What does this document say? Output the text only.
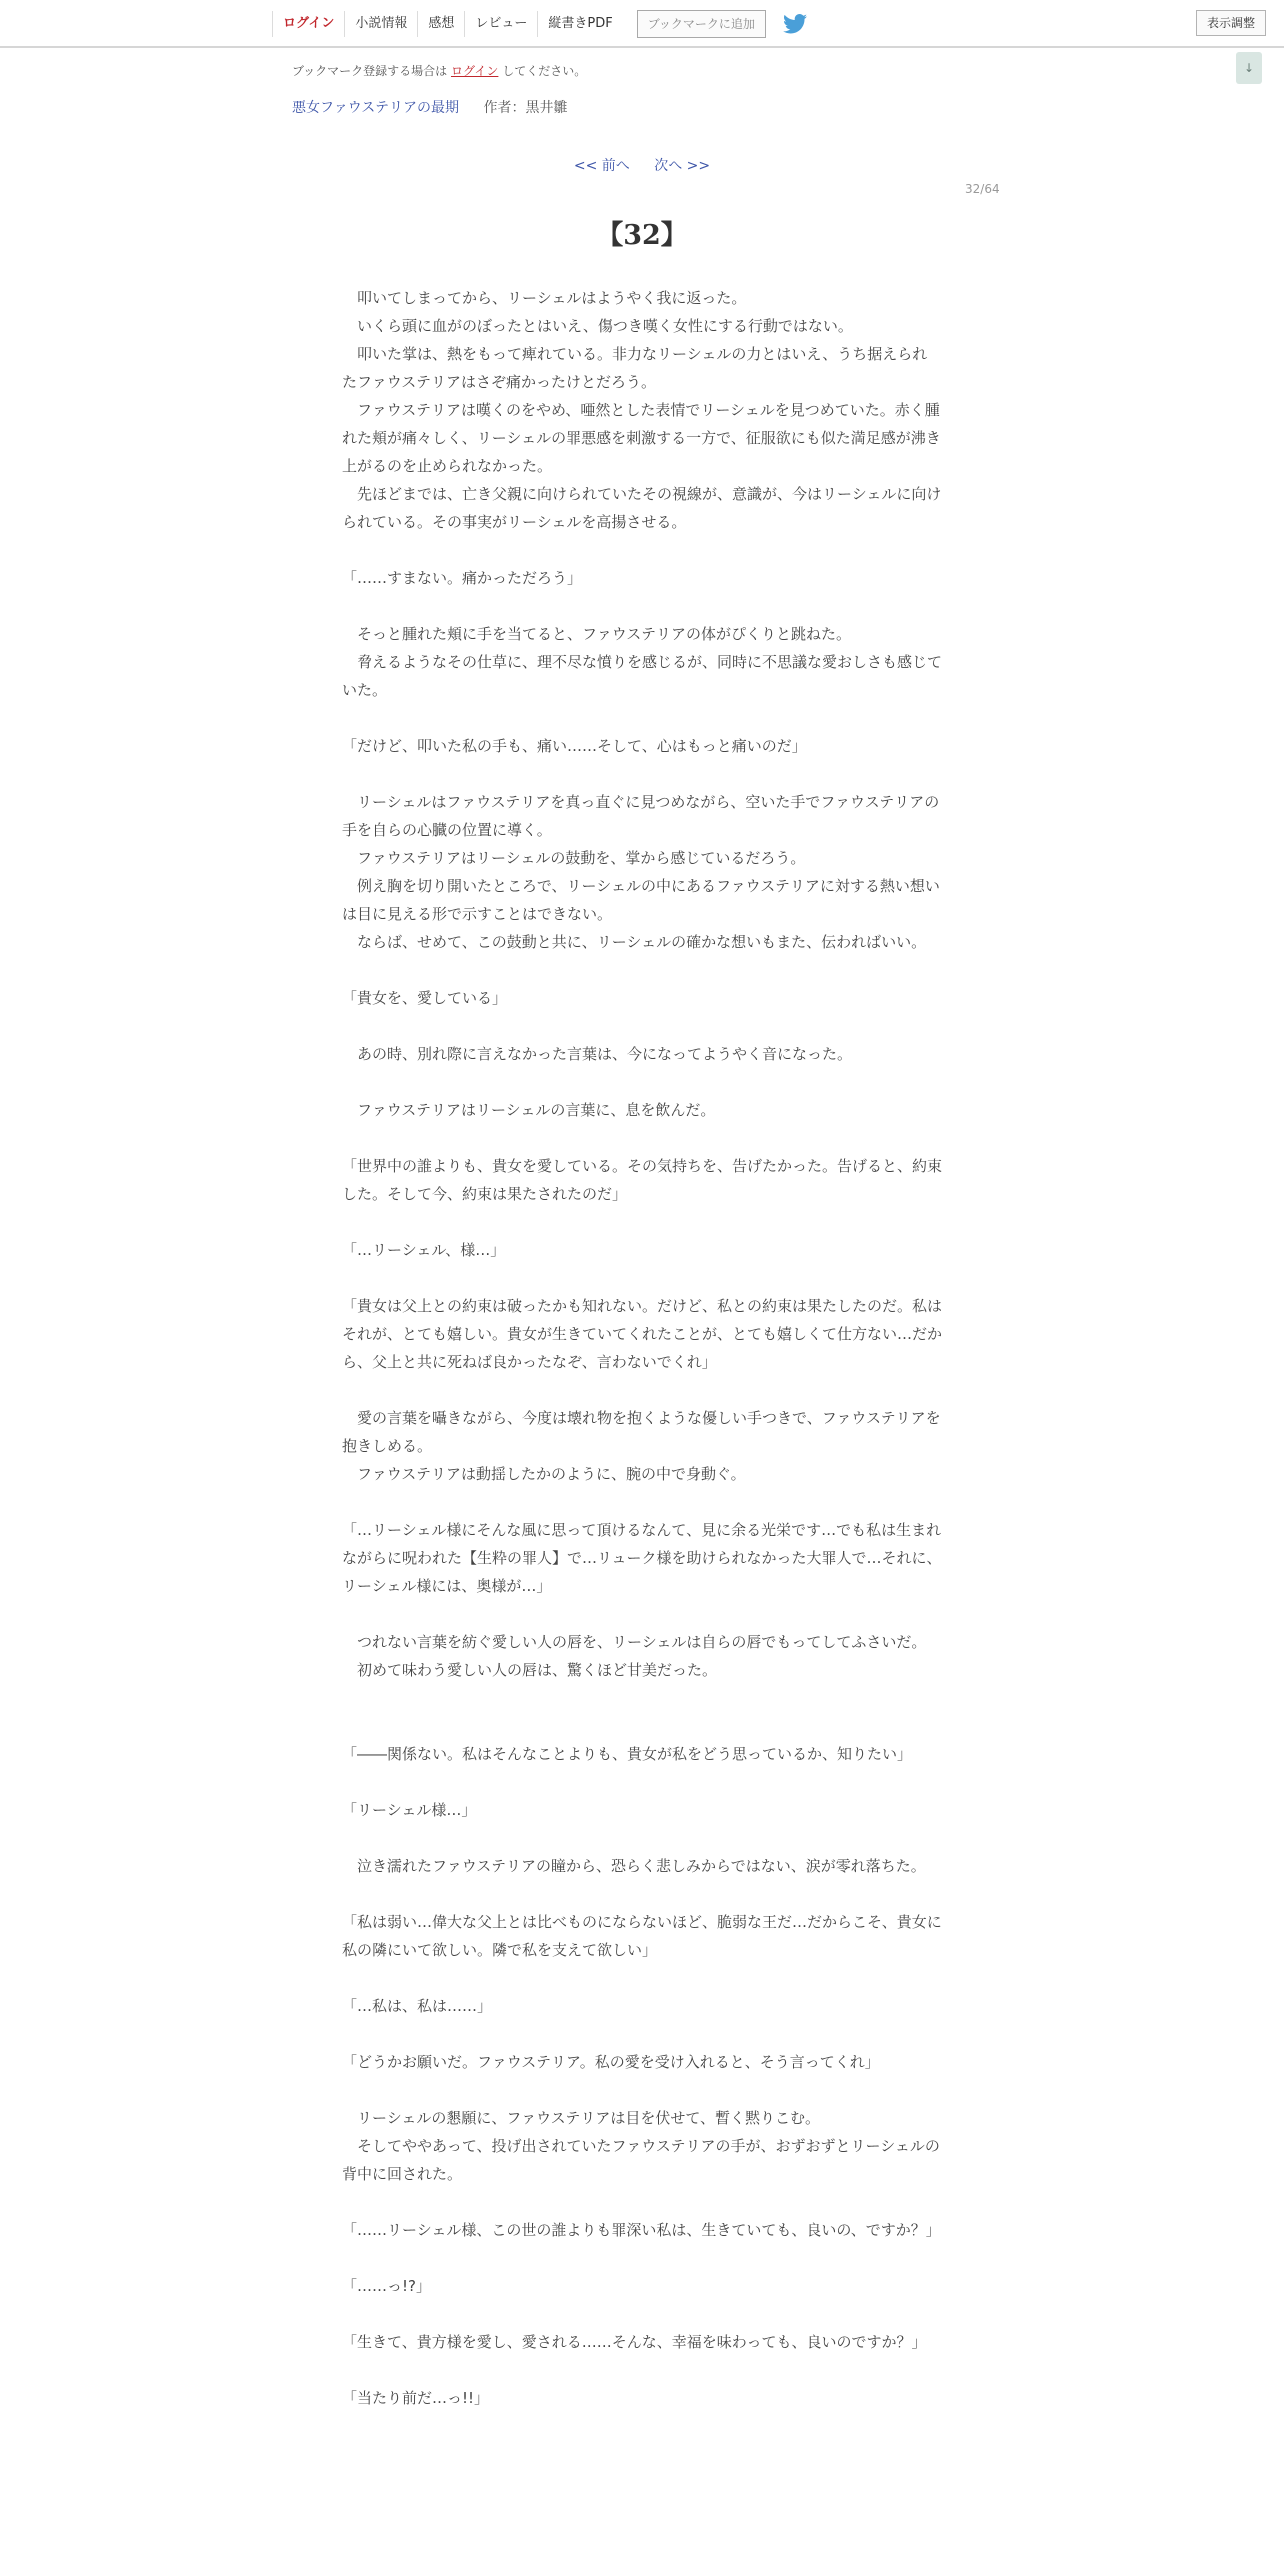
ログイン	小説情報	感想	レビュー	縦書きPDF	ブックマークに追加	表示調整
↓
ブックマーク登録する場合は ログイン してください。
悪女ファウステリアの最期 作者：黒井雛
<< 前へ 次へ >>
32/64
【32】

　叩いてしまってから、リーシェルはようやく我に返った。

　いくら頭に血がのぼったとはいえ、傷つき嘆く女性にする行動ではない。

　叩いた掌は、熱をもって痺れている。非力なリーシェルの力とはいえ、うち据えられたファウステリアはさぞ痛かったけとだろう。

　ファウステリアは嘆くのをやめ、唖然とした表情でリーシェルを見つめていた。赤く腫れた頬が痛々しく、リーシェルの罪悪感を刺激する一方で、征服欲にも似た満足感が沸き上がるのを止められなかった。

　先ほどまでは、亡き父親に向けられていたその視線が、意識が、今はリーシェルに向けられている。その事実がリーシェルを高揚させる。

「……すまない。痛かっただろう」

　そっと腫れた頬に手を当てると、ファウステリアの体がぴくりと跳ねた。

　脅えるようなその仕草に、理不尽な憤りを感じるが、同時に不思議な愛おしさも感じていた。

「だけど、叩いた私の手も、痛い……そして、心はもっと痛いのだ」

　リーシェルはファウステリアを真っ直ぐに見つめながら、空いた手でファウステリアの手を自らの心臓の位置に導く。

　ファウステリアはリーシェルの鼓動を、掌から感じているだろう。

　例え胸を切り開いたところで、リーシェルの中にあるファウステリアに対する熱い想いは目に見える形で示すことはできない。

　ならば、せめて、この鼓動と共に、リーシェルの確かな想いもまた、伝わればいい。

「貴女を、愛している」

　あの時、別れ際に言えなかった言葉は、今になってようやく音になった。

　ファウステリアはリーシェルの言葉に、息を飲んだ。

「世界中の誰よりも、貴女を愛している。その気持ちを、告げたかった。告げると、約束した。そして今、約束は果たされたのだ」

「…リーシェル、様…」

「貴女は父上との約束は破ったかも知れない。だけど、私との約束は果たしたのだ。私はそれが、とても嬉しい。貴女が生きていてくれたことが、とても嬉しくて仕方ない…だから、父上と共に死ねば良かったなぞ、言わないでくれ」

　愛の言葉を囁きながら、今度は壊れ物を抱くような優しい手つきで、ファウステリアを抱きしめる。

　ファウステリアは動揺したかのように、腕の中で身動ぐ。

「…リーシェル様にそんな風に思って頂けるなんて、見に余る光栄です…でも私は生まれながらに呪われた【生粋の罪人】で…リューク様を助けられなかった大罪人で…それに、リーシェル様には、奥様が…」

　つれない言葉を紡ぐ愛しい人の唇を、リーシェルは自らの唇でもってしてふさいだ。

　初めて味わう愛しい人の唇は、驚くほど甘美だった。

「――関係ない。私はそんなことよりも、貴女が私をどう思っているか、知りたい」

「リーシェル様…」

　泣き濡れたファウステリアの瞳から、恐らく悲しみからではない、涙が零れ落ちた。

「私は弱い…偉大な父上とは比べものにならないほど、脆弱な王だ…だからこそ、貴女に私の隣にいて欲しい。隣で私を支えて欲しい」

「…私は、私は……」

「どうかお願いだ。ファウステリア。私の愛を受け入れると、そう言ってくれ」

　リーシェルの懇願に、ファウステリアは目を伏せて、暫く黙りこむ。

　そしてややあって、投げ出されていたファウステリアの手が、おずおずとリーシェルの背中に回された。

「……リーシェル様、この世の誰よりも罪深い私は、生きていても、良いの、ですか？」

「……っ!?」

「生きて、貴方様を愛し、愛される……そんな、幸福を味わっても、良いのですか？」

「当たり前だ…っ!!」
